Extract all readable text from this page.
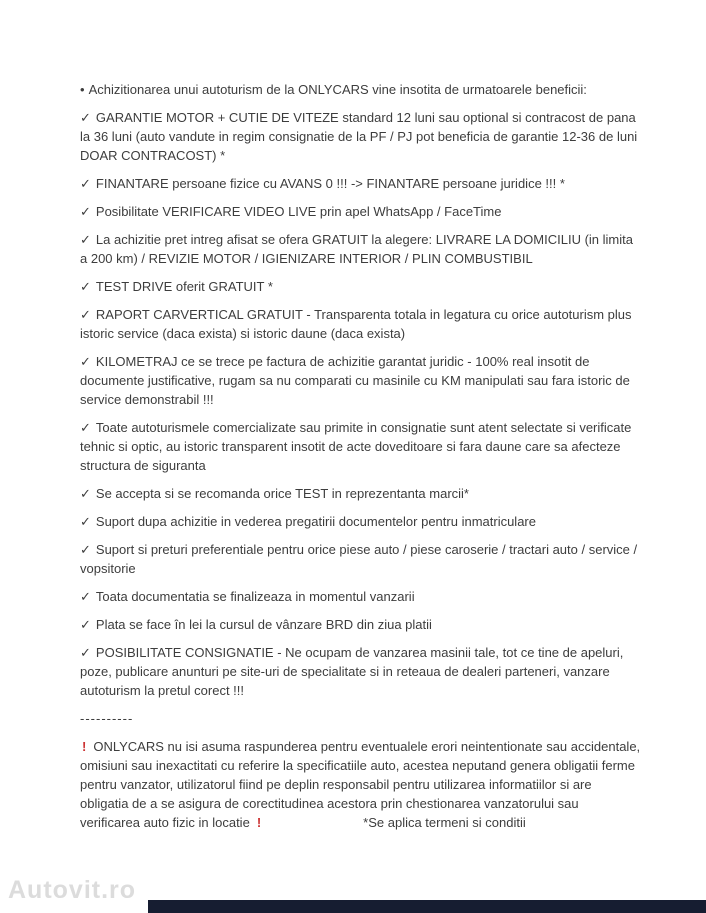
• Achizitionarea unui autoturism de la ONLYCARS vine insotita de urmatoarele beneficii:

✓ GARANTIE MOTOR + CUTIE DE VITEZE standard 12 luni sau optional si contracost de pana la 36 luni (auto vandute in regim consignatie de la PF / PJ pot beneficia de garantie 12-36 de luni DOAR CONTRACOST) *

✓ FINANTARE persoane fizice cu AVANS 0 !!! -> FINANTARE persoane juridice !!! *

✓ Posibilitate VERIFICARE VIDEO LIVE prin apel WhatsApp / FaceTime

✓ La achizitie pret intreg afisat se ofera GRATUIT la alegere: LIVRARE LA DOMICILIU (in limita a 200 km) / REVIZIE MOTOR / IGIENIZARE INTERIOR / PLIN COMBUSTIBIL

✓ TEST DRIVE oferit GRATUIT *

✓ RAPORT CARVERTICAL GRATUIT - Transparenta totala in legatura cu orice autoturism plus istoric service (daca exista) si istoric daune (daca exista)

✓ KILOMETRAJ ce se trece pe factura de achizitie garantat juridic - 100% real insotit de documente justificative, rugam sa nu comparati cu masinile cu KM manipulati sau fara istoric de service demonstrabil !!!

✓ Toate autoturismele comercializate sau primite in consignatie sunt atent selectate si verificate tehnic si optic, au istoric transparent insotit de acte doveditoare si fara daune care sa afecteze structura de siguranta

✓ Se accepta si se recomanda orice TEST in reprezentanta marcii*

✓ Suport dupa achizitie in vederea pregatirii documentelor pentru inmatriculare

✓ Suport si preturi preferentiale pentru orice piese auto / piese caroserie / tractari auto / service / vopsitorie

✓ Toata documentatia se finalizeaza in momentul vanzarii

✓ Plata se face în lei la cursul de vânzare BRD din ziua platii

✓ POSIBILITATE CONSIGNATIE - Ne ocupam de vanzarea masinii tale, tot ce tine de apeluri, poze, publicare anunturi pe site-uri de specialitate si in reteaua de dealeri parteneri, vanzare autoturism la pretul corect !!!

----------

! ONLYCARS nu isi asuma raspunderea pentru eventualele erori neintentionate sau accidentale, omisiuni sau inexactitati cu referire la specificatiile auto, acestea neputand genera obligatii ferme pentru vanzator, utilizatorul fiind pe deplin responsabil pentru utilizarea informatiilor si are obligatia de a se asigura de corectitudinea acestora prin chestionarea vanzatorului sau verificarea auto fizic in locatie !	*Se aplica termeni si conditii

Autovit.ro
